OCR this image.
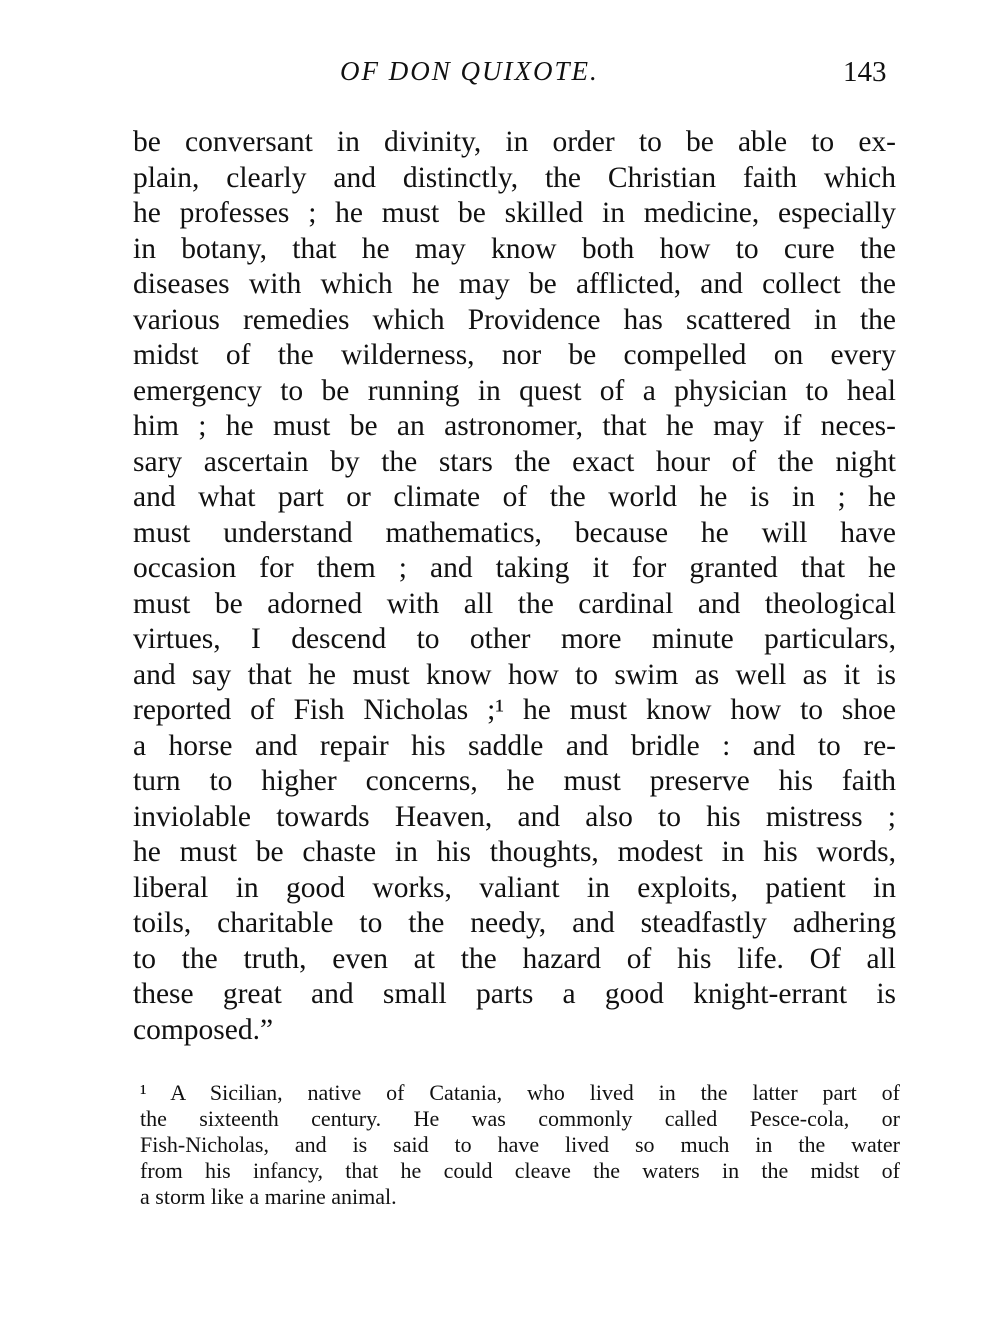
OF DON QUIXOTE.	143
be conversant in divinity, in order to be able to ex-
plain, clearly and distinctly, the Christian faith which
he professes ; he must be skilled in medicine, especially
in botany, that he may know both how to cure the
diseases with which he may be afflicted, and collect the
various remedies which Providence has scattered in the
midst of the wilderness, nor be compelled on every
emergency to be running in quest of a physician to heal
him ; he must be an astronomer, that he may if neces-
sary ascertain by the stars the exact hour of the night
and what part or climate of the world he is in ; he
must understand mathematics, because he will have
occasion for them ; and taking it for granted that he
must be adorned with all the cardinal and theological
virtues, I descend to other more minute particulars,
and say that he must know how to swim as well as it is
reported of Fish Nicholas ;¹ he must know how to shoe
a horse and repair his saddle and bridle : and to re-
turn to higher concerns, he must preserve his faith
inviolable towards Heaven, and also to his mistress ;
he must be chaste in his thoughts, modest in his words,
liberal in good works, valiant in exploits, patient in
toils, charitable to the needy, and steadfastly adhering
to the truth, even at the hazard of his life. Of all
these great and small parts a good knight-errant is
composed.”
¹ A Sicilian, native of Catania, who lived in the latter part of
the sixteenth century. He was commonly called Pesce-cola, or
Fish-Nicholas, and is said to have lived so much in the water
from his infancy, that he could cleave the waters in the midst of
a storm like a marine animal.
